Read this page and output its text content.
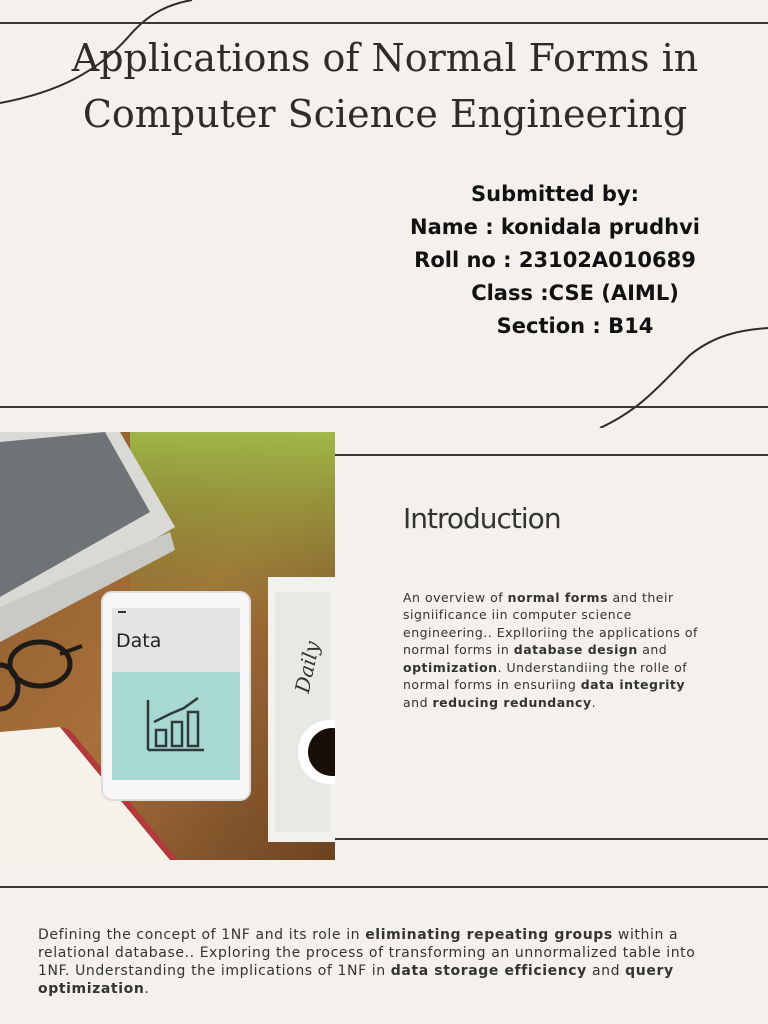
Applications of Normal Forms in
Computer Science Engineering
Submitted by:
Name : konidala prudhvi
Roll no : 23102A010689
Class :CSE (AIML)
Section : B14
Data	Daily
Introduction

An overview of normal forms and their signiificance iin computer science engineering.. Explloriing the applications of normal forms in database design and optimization. Understandiing the rolle of normal forms in ensuriing data integrity and reducing redundancy.

Defining the concept of 1NF and its role in eliminating repeating groups within a relational database.. Exploring the process of transforming an unnormalized table into 1NF. Understanding the implications of 1NF in data storage efficiency and query optimization.
